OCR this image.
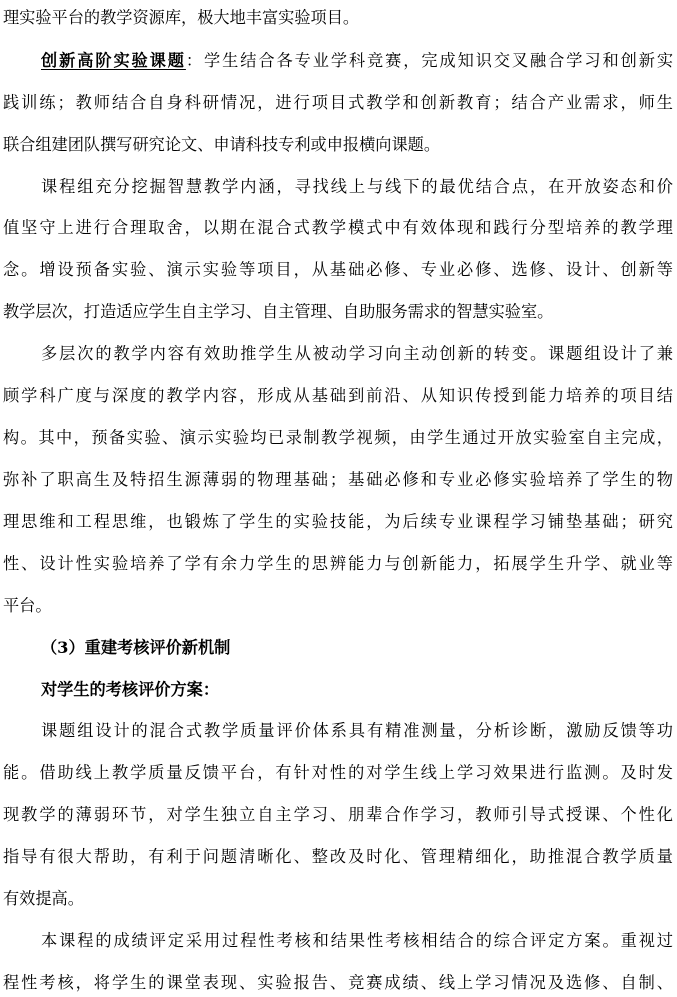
理实验平台的教学资源库，极大地丰富实验项目。
创新高阶实验课题：学生结合各专业学科竞赛，完成知识交叉融合学习和创新实
践训练；教师结合自身科研情况，进行项目式教学和创新教育；结合产业需求，师生
联合组建团队撰写研究论文、申请科技专利或申报横向课题。
课程组充分挖掘智慧教学内涵，寻找线上与线下的最优结合点，在开放姿态和价
值坚守上进行合理取舍，以期在混合式教学模式中有效体现和践行分型培养的教学理
念。增设预备实验、演示实验等项目，从基础必修、专业必修、选修、设计、创新等
教学层次，打造适应学生自主学习、自主管理、自助服务需求的智慧实验室。
多层次的教学内容有效助推学生从被动学习向主动创新的转变。课题组设计了兼
顾学科广度与深度的教学内容，形成从基础到前沿、从知识传授到能力培养的项目结
构。其中，预备实验、演示实验均已录制教学视频，由学生通过开放实验室自主完成，
弥补了职高生及特招生源薄弱的物理基础；基础必修和专业必修实验培养了学生的物
理思维和工程思维，也锻炼了学生的实验技能，为后续专业课程学习铺垫基础；研究
性、设计性实验培养了学有余力学生的思辨能力与创新能力，拓展学生升学、就业等
平台。
（3）重建考核评价新机制
对学生的考核评价方案：
课题组设计的混合式教学质量评价体系具有精准测量，分析诊断，激励反馈等功
能。借助线上教学质量反馈平台，有针对性的对学生线上学习效果进行监测。及时发
现教学的薄弱环节，对学生独立自主学习、朋辈合作学习，教师引导式授课、个性化
指导有很大帮助，有利于问题清晰化、整改及时化、管理精细化，助推混合教学质量
有效提高。
本课程的成绩评定采用过程性考核和结果性考核相结合的综合评定方案。重视过
程性考核，将学生的课堂表现、实验报告、竞赛成绩、线上学习情况及选修、自制、
